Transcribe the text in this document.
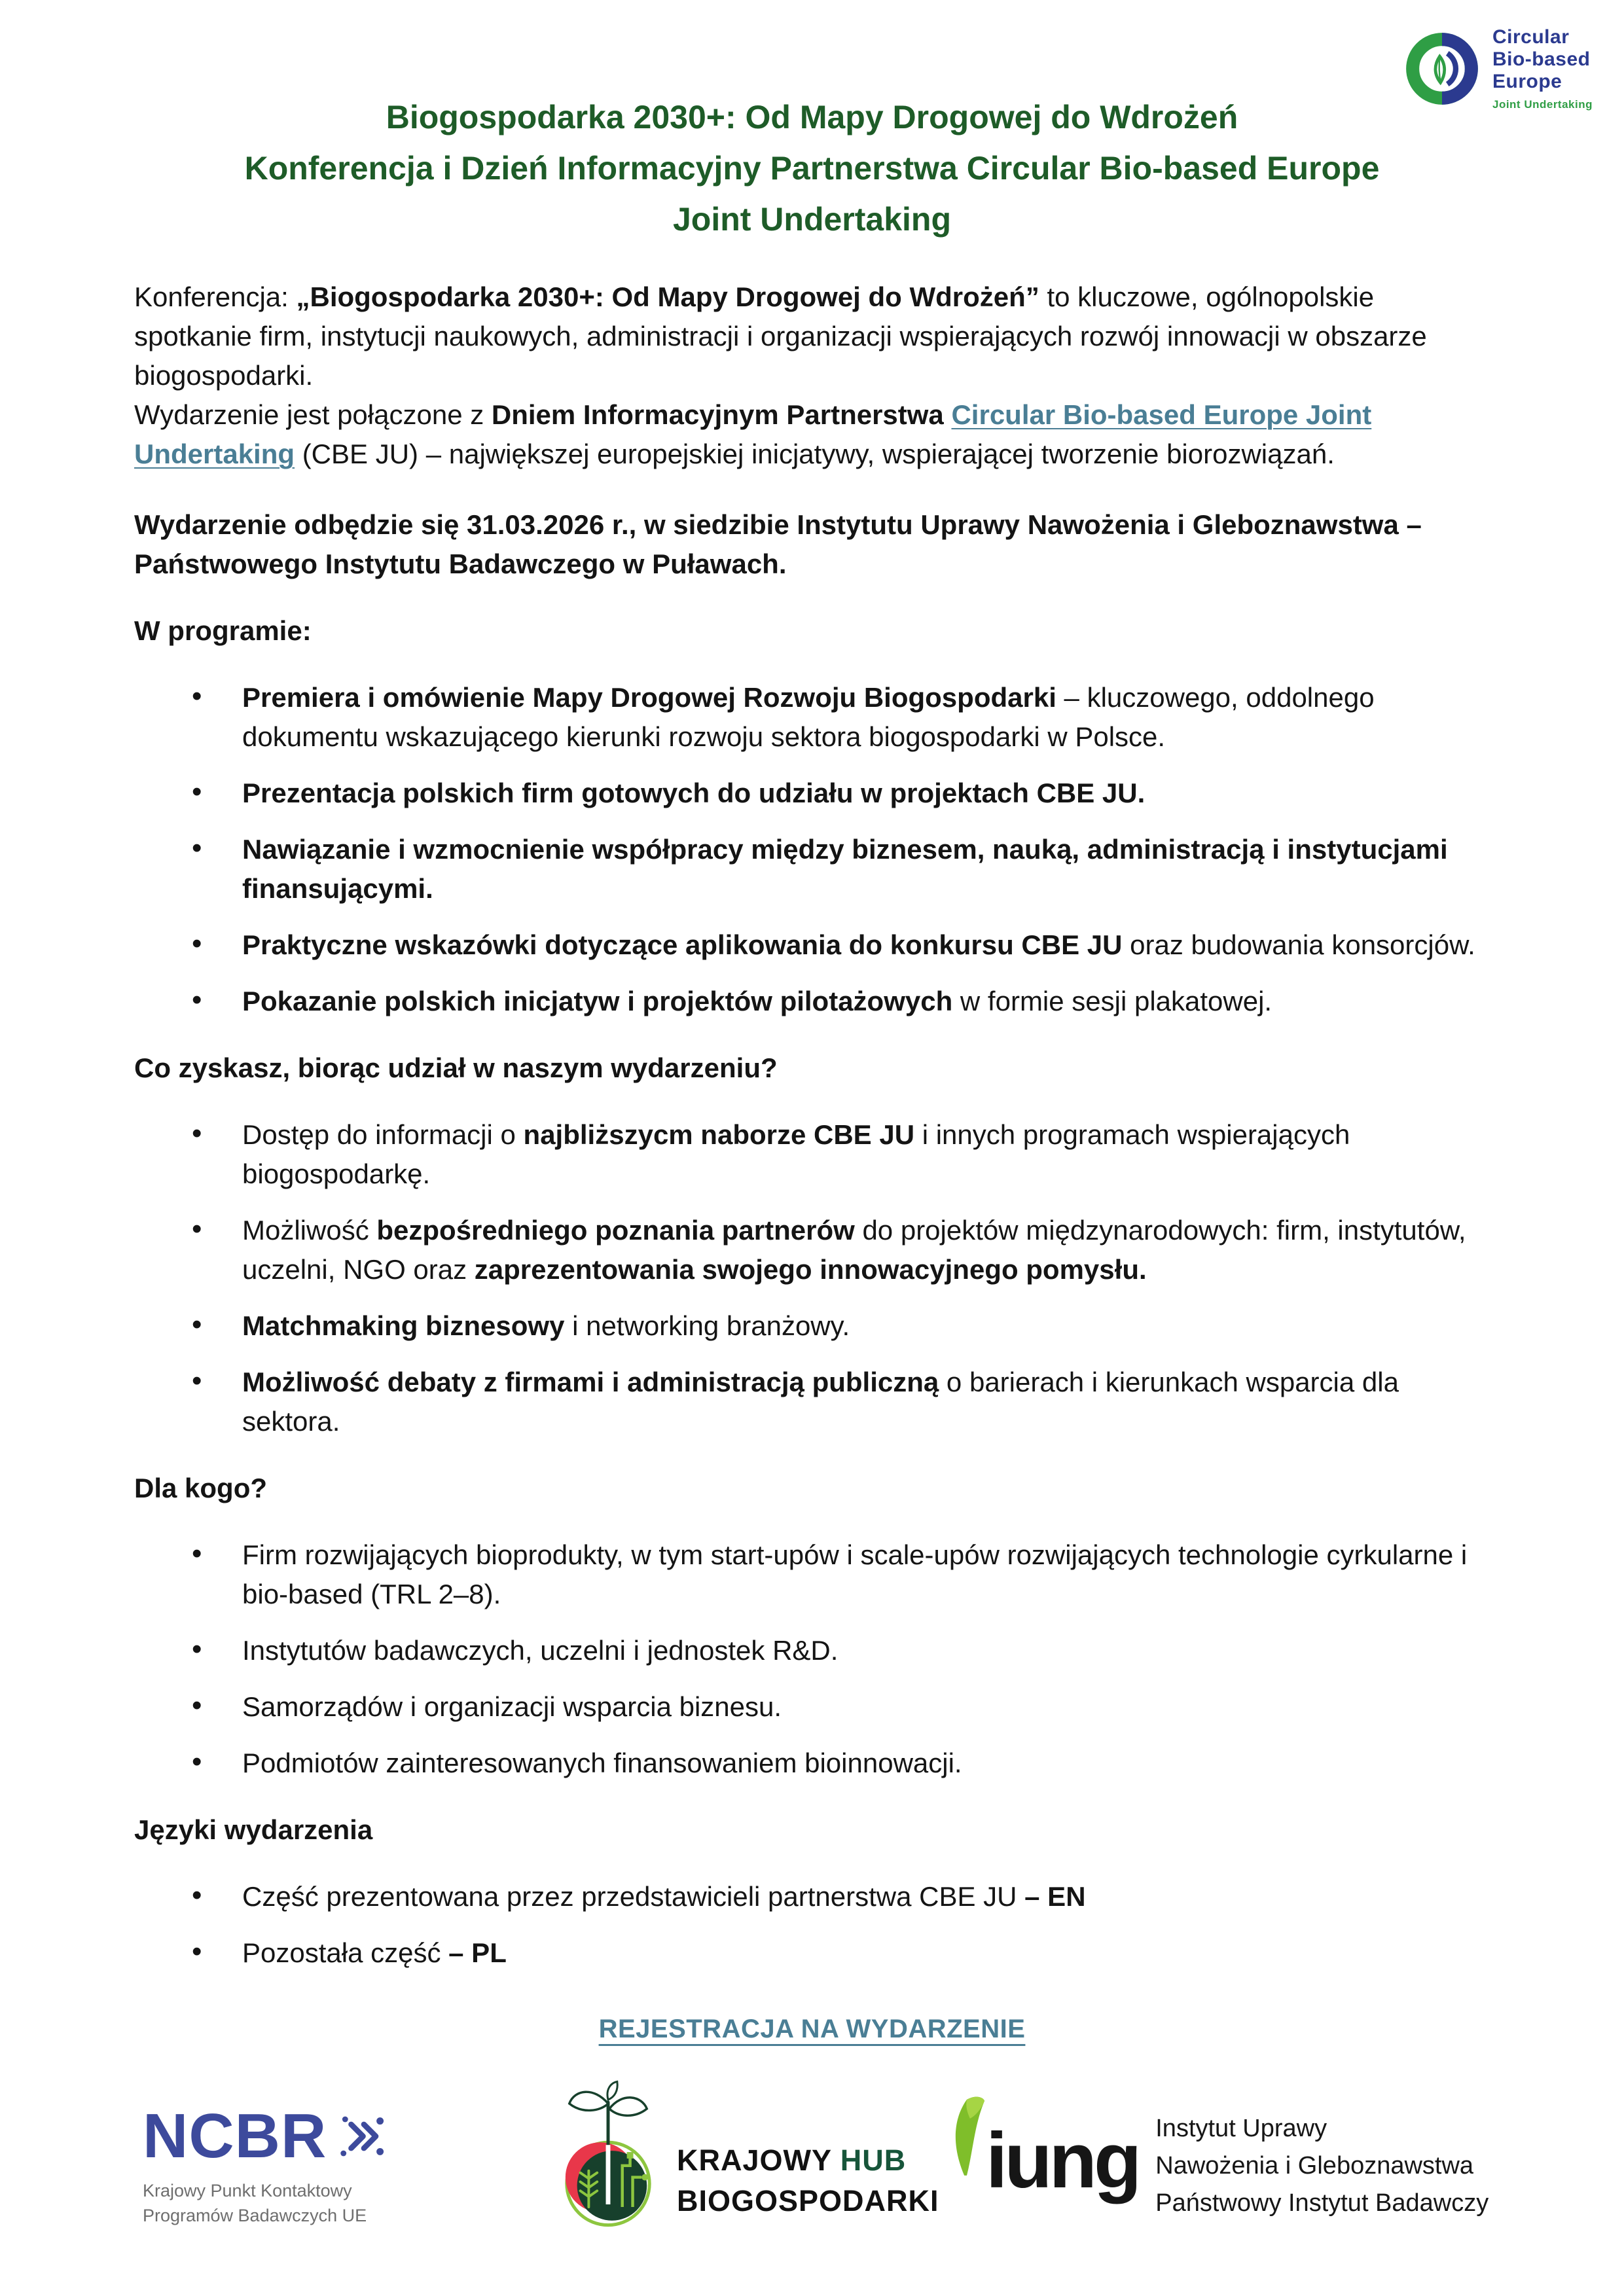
Circular
Bio-based
Europe
Joint Undertaking
Biogospodarka 2030+: Od Mapy Drogowej do Wdrożeń
Konferencja i Dzień Informacyjny Partnerstwa Circular Bio-based Europe
Joint Undertaking

Konferencja: „Biogospodarka 2030+: Od Mapy Drogowej do Wdrożeń” to kluczowe, ogólnopolskie spotkanie firm, instytucji naukowych, administracji i organizacji wspierających rozwój innowacji w obszarze biogospodarki.

Wydarzenie jest połączone z Dniem Informacyjnym Partnerstwa Circular Bio-based Europe Joint Undertaking (CBE JU) – największej europejskiej inicjatywy, wspierającej tworzenie biorozwiązań.

Wydarzenie odbędzie się 31.03.2026 r., w siedzibie Instytutu Uprawy Nawożenia i Gleboznawstwa – Państwowego Instytutu Badawczego w Puławach.

W programie:

• Premiera i omówienie Mapy Drogowej Rozwoju Biogospodarki – kluczowego, oddolnego dokumentu wskazującego kierunki rozwoju sektora biogospodarki w Polsce.
• Prezentacja polskich firm gotowych do udziału w projektach CBE JU.
• Nawiązanie i wzmocnienie współpracy między biznesem, nauką, administracją i instytucjami finansującymi.
• Praktyczne wskazówki dotyczące aplikowania do konkursu CBE JU oraz budowania konsorcjów.
• Pokazanie polskich inicjatyw i projektów pilotażowych w formie sesji plakatowej.

Co zyskasz, biorąc udział w naszym wydarzeniu?

• Dostęp do informacji o najbliższycm naborze CBE JU i innych programach wspierających biogospodarkę.
• Możliwość bezpośredniego poznania partnerów do projektów międzynarodowych: firm, instytutów, uczelni, NGO oraz zaprezentowania swojego innowacyjnego pomysłu.
• Matchmaking biznesowy i networking branżowy.
• Możliwość debaty z firmami i administracją publiczną o barierach i kierunkach wsparcia dla sektora.

Dla kogo?

• Firm rozwijających bioprodukty, w tym start-upów i scale-upów rozwijających technologie cyrkularne i bio-based (TRL 2–8).
• Instytutów badawczych, uczelni i jednostek R&D.
• Samorządów i organizacji wsparcia biznesu.
• Podmiotów zainteresowanych finansowaniem bioinnowacji.

Języki wydarzenia

• Część prezentowana przez przedstawicieli partnerstwa CBE JU – EN
• Pozostała część – PL
REJESTRACJA NA WYDARZENIE
NCBR
Krajowy Punkt Kontaktowy
Programów Badawczych UE
KRAJOWY HUB
BIOGOSPODARKI iung Instytut Uprawy
Nawożenia i Gleboznawstwa
Państwowy Instytut Badawczy
